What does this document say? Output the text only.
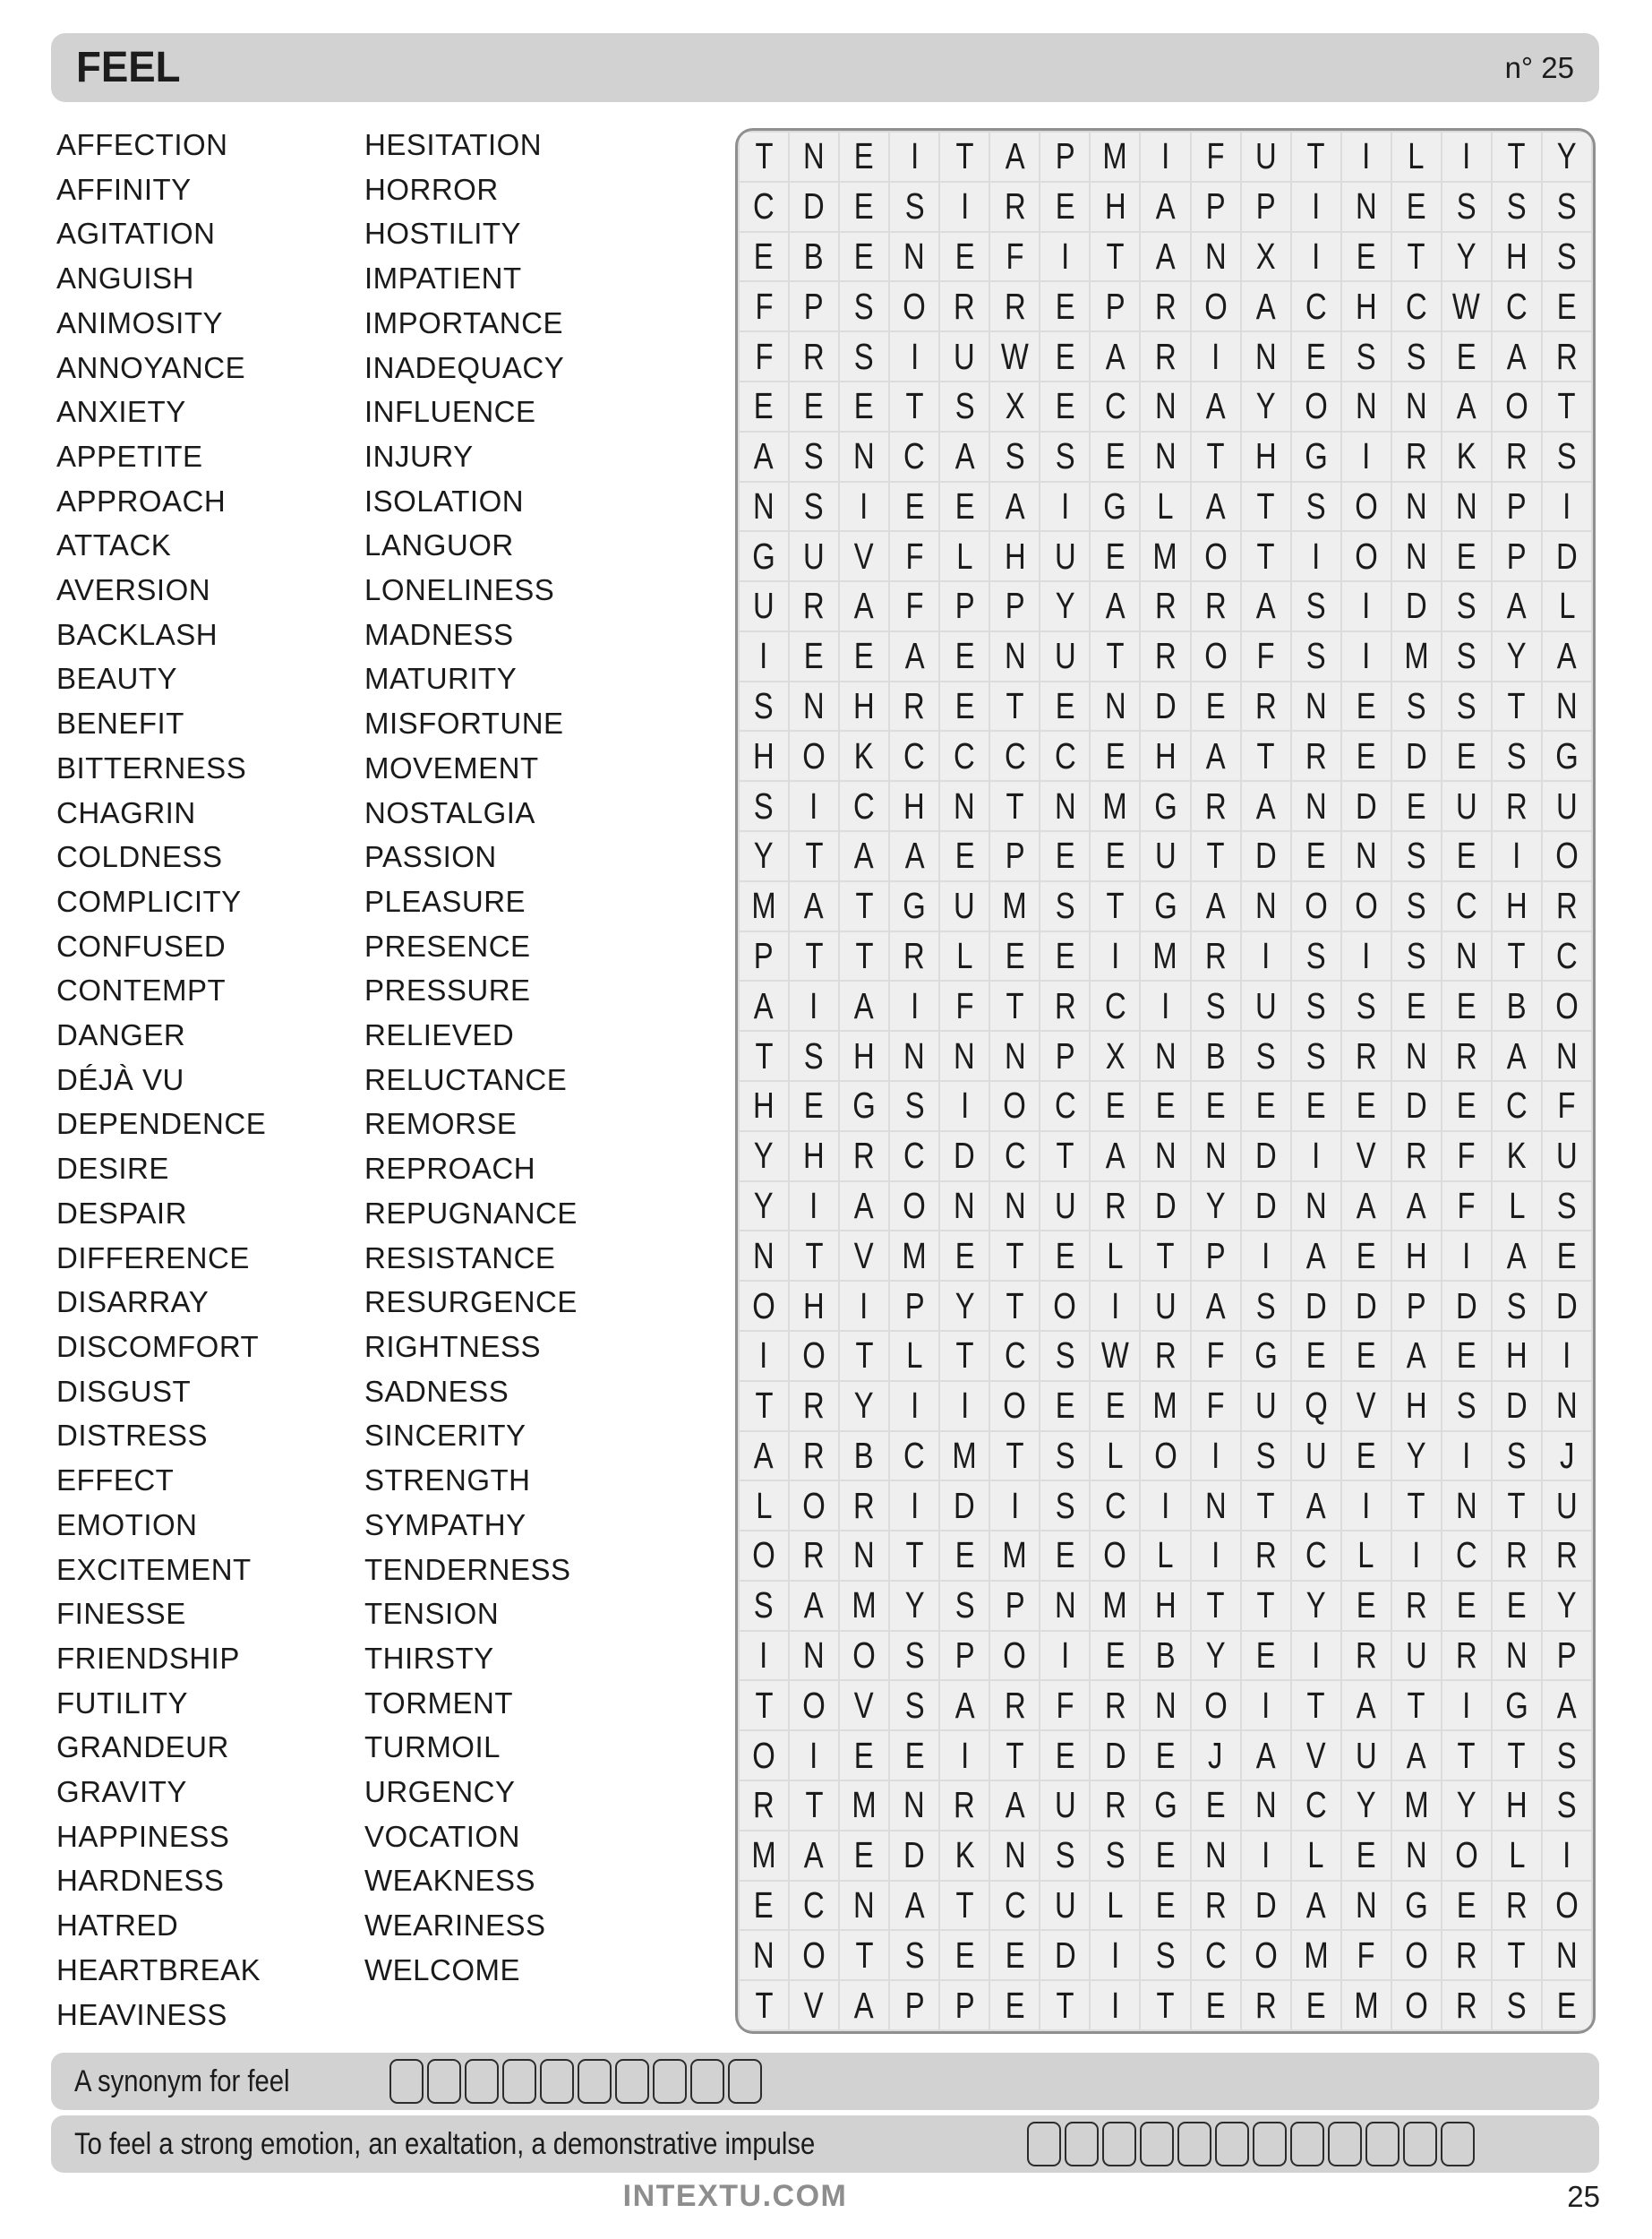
FEEL	n° 25
AFFECTION
AFFINITY
AGITATION
ANGUISH
ANIMOSITY
ANNOYANCE
ANXIETY
APPETITE
APPROACH
ATTACK
AVERSION
BACKLASH
BEAUTY
BENEFIT
BITTERNESS
CHAGRIN
COLDNESS
COMPLICITY
CONFUSED
CONTEMPT
DANGER
DÉJÀ VU
DEPENDENCE
DESIRE
DESPAIR
DIFFERENCE
DISARRAY
DISCOMFORT
DISGUST
DISTRESS
EFFECT
EMOTION
EXCITEMENT
FINESSE
FRIENDSHIP
FUTILITY
GRANDEUR
GRAVITY
HAPPINESS
HARDNESS
HATRED
HEARTBREAK
HEAVINESS
HESITATION
HORROR
HOSTILITY
IMPATIENT
IMPORTANCE
INADEQUACY
INFLUENCE
INJURY
ISOLATION
LANGUOR
LONELINESS
MADNESS
MATURITY
MISFORTUNE
MOVEMENT
NOSTALGIA
PASSION
PLEASURE
PRESENCE
PRESSURE
RELIEVED
RELUCTANCE
REMORSE
REPROACH
REPUGNANCE
RESISTANCE
RESURGENCE
RIGHTNESS
SADNESS
SINCERITY
STRENGTH
SYMPATHY
TENDERNESS
TENSION
THIRSTY
TORMENT
TURMOIL
URGENCY
VOCATION
WEAKNESS
WEARINESS
WELCOME
T N E I T A P M I F U T I L I T Y
C D E S I R E H A P P I N E S S S
E B E N E F I T A N X I E T Y H S
F P S O R R E P R O A C H C W C E
F R S I U W E A R I N E S S E A R
E E E T S X E C N A Y O N N A O T
A S N C A S S E N T H G I R K R S
N S I E E A I G L A T S O N N P I
G U V F L H U E M O T I O N E P D
U R A F P P Y A R R A S I D S A L
I E E A E N U T R O F S I M S Y A
S N H R E T E N D E R N E S S T N
H O K C C C C E H A T R E D E S G
S I C H N T N M G R A N D E U R U
Y T A A E P E E U T D E N S E I O
M A T G U M S T G A N O O S C H R
P T T R L E E I M R I S I S N T C
A I A I F T R C I S U S S E E B O
T S H N N N P X N B S S R N R A N
H E G S I O C E E E E E E D E C F
Y H R C D C T A N N D I V R F K U
Y I A O N N U R D Y D N A A F L S
N T V M E T E L T P I A E H I A E
O H I P Y T O I U A S D D P D S D
I O T L T C S W R F G E E A E H I
T R Y I I O E E M F U Q V H S D N
A R B C M T S L O I S U E Y I S J
L O R I D I S C I N T A I T N T U
O R N T E M E O L I R C L I C R R
S A M Y S P N M H T T Y E R E E Y
I N O S P O I E B Y E I R U R N P
T O V S A R F R N O I T A T I G A
O I E E I T E D E J A V U A T T S
R T M N R A U R G E N C Y M Y H S
M A E D K N S S E N I L E N O L I
E C N A T C U L E R D A N G E R O
N O T S E E D I S C O M F O R T N
T V A P P E T I T E R E M O R S E
A synonym for feel
To feel a strong emotion, an exaltation, a demonstrative impulse
INTEXTU.COM	25
